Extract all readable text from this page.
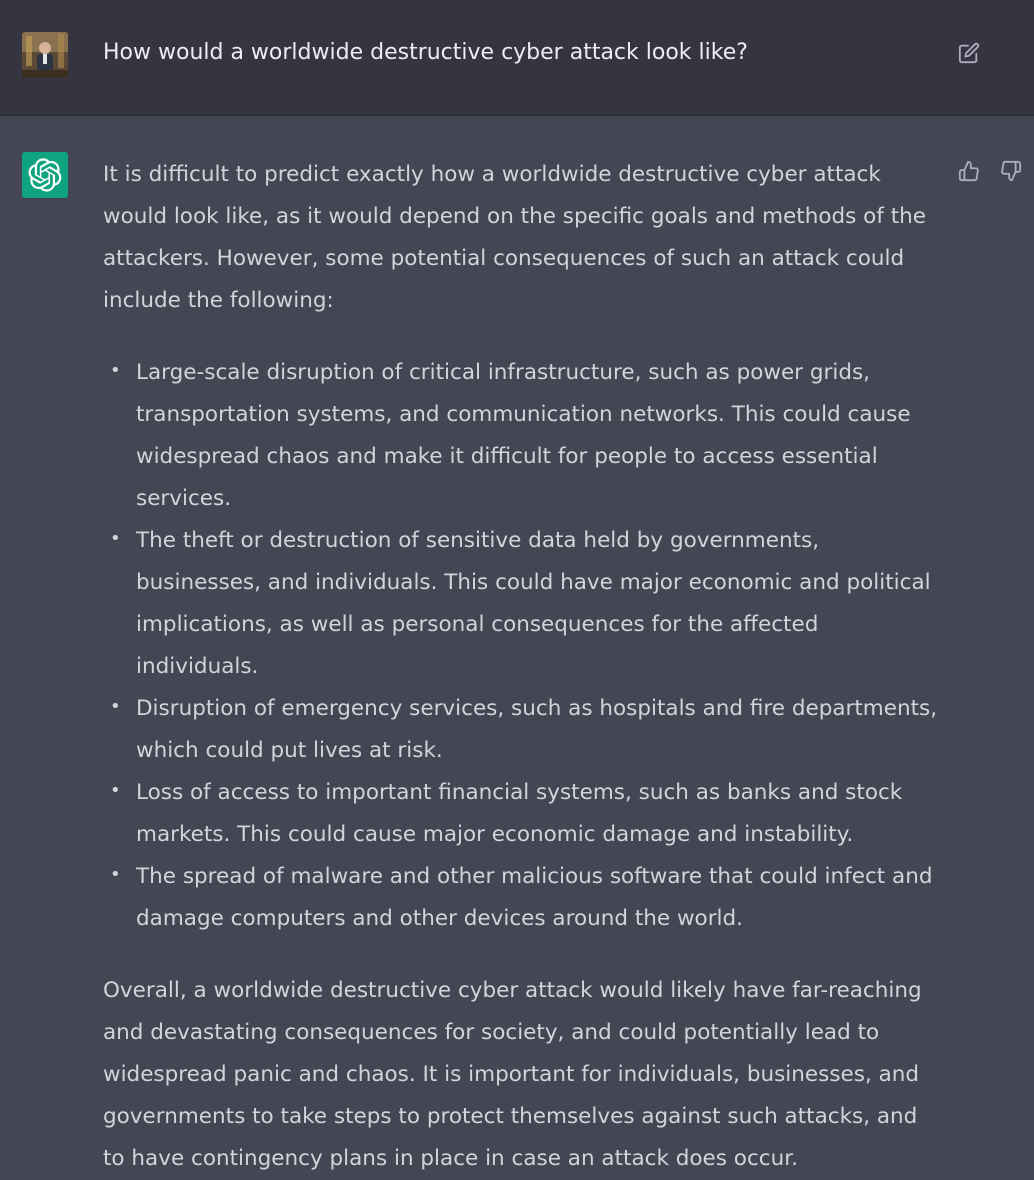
How would a worldwide destructive cyber attack look like?

It is difficult to predict exactly how a worldwide destructive cyber attack would look like, as it would depend on the specific goals and methods of the attackers. However, some potential consequences of such an attack could include the following:

• Large-scale disruption of critical infrastructure, such as power grids, transportation systems, and communication networks. This could cause widespread chaos and make it difficult for people to access essential services.
• The theft or destruction of sensitive data held by governments, businesses, and individuals. This could have major economic and political implications, as well as personal consequences for the affected individuals.
• Disruption of emergency services, such as hospitals and fire departments, which could put lives at risk.
• Loss of access to important financial systems, such as banks and stock markets. This could cause major economic damage and instability.
• The spread of malware and other malicious software that could infect and damage computers and other devices around the world.

Overall, a worldwide destructive cyber attack would likely have far-reaching and devastating consequences for society, and could potentially lead to widespread panic and chaos. It is important for individuals, businesses, and governments to take steps to protect themselves against such attacks, and to have contingency plans in place in case an attack does occur.
